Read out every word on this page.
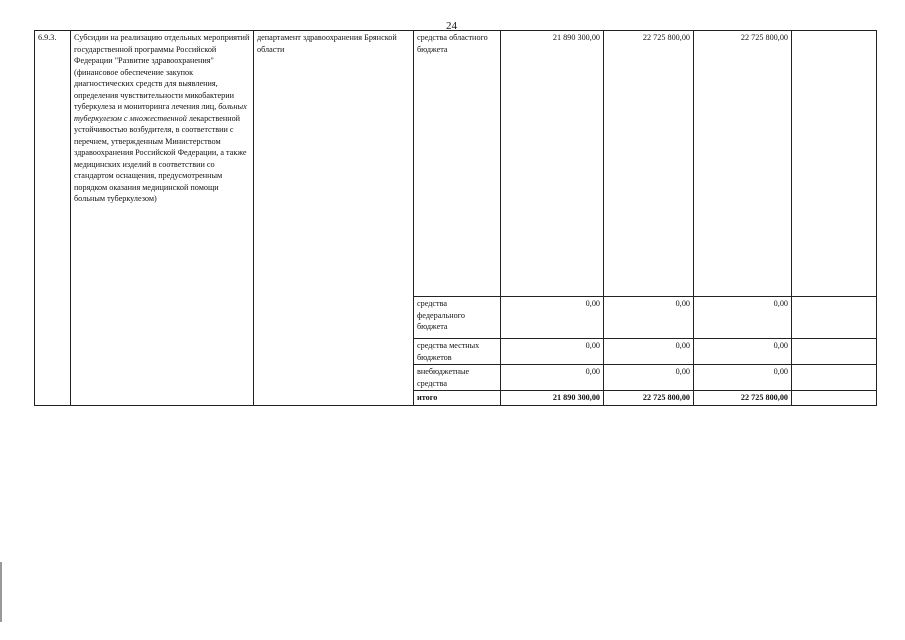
24
6.9.3.	Субсидии на реализацию отдельных мероприятий государственной программы Российской Федерации "Развитие здравоохранения" (финансовое обеспечение закупок диагностических средств для выявления, определения чувствительности микобактерии туберкулеза и мониторинга лечения лиц, больных туберкулезом с множественной лекарственной устойчивостью возбудителя, в соответствии с перечнем, утвержденным Министерством здравоохранения Российской Федерации, а также медицинских изделий в соответствии со стандартом оснащения, предусмотренным порядком оказания медицинской помощи больным туберкулезом)	департамент здравоохранения Брянской области	средства областного бюджета	21 890 300,00	22 725 800,00	22 725 800,00	
			средства федерального бюджета	0,00	0,00	0,00	
			средства местных бюджетов	0,00	0,00	0,00	
			внебюджетные средства	0,00	0,00	0,00	
			итого	21 890 300,00	22 725 800,00	22 725 800,00	
